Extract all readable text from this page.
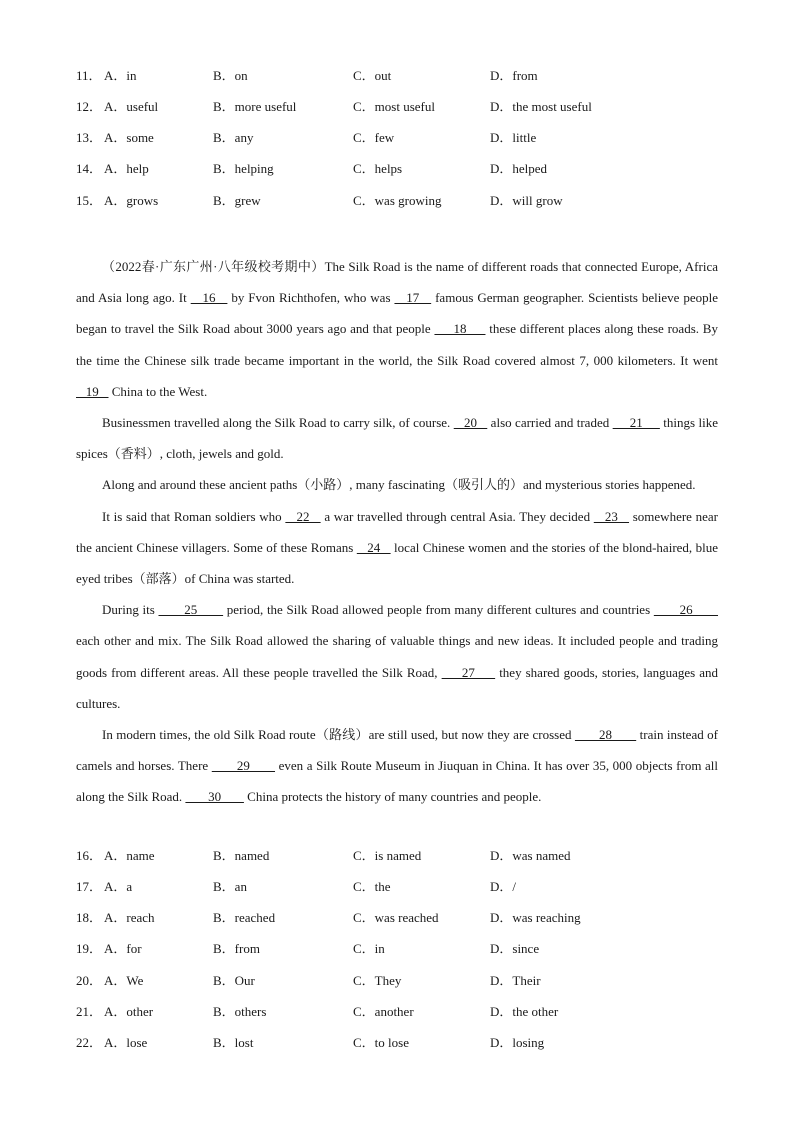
11． A．in	B．on	C．out	D．from
12． A．useful	B．more useful	C．most useful	D．the most useful
13． A．some	B．any	C．few	D．little
14． A．help	B．helping	C．helps	D．helped
15． A．grows	B．grew	C．was growing	D．will grow

（2022春·广东广州·八年级校考期中）The Silk Road is the name of different roads that connected Europe, Africa and Asia long ago. It    16    by Fvon Richthofen, who was    17    famous German geographer. Scientists believe people began to travel the Silk Road about 3000 years ago and that people      18      these different places along these roads. By the time the Chinese silk trade became important in the world, the Silk Road covered almost 7, 000 kilometers. It went    19    China to the West.

Businessmen travelled along the Silk Road to carry silk, of course.    20    also carried and traded      21      things like spices（香料）, cloth, jewels and gold.

Along and around these ancient paths（小路）, many fascinating（吸引人的）and mysterious stories happened.

It is said that Roman soldiers who    22    a war travelled through central Asia. They decided    23    somewhere near the ancient Chinese villagers. Some of these Romans    24    local Chinese women and the stories of the blond-haired, blue eyed tribes（部落）of China was started.

During its        25        period, the Silk Road allowed people from many different cultures and countries        26        each other and mix. The Silk Road allowed the sharing of valuable things and new ideas. It included people and trading goods from different areas. All these people travelled the Silk Road,      27      they shared goods, stories, languages and cultures.

In modern times, the old Silk Road route（路线）are still used, but now they are crossed        28        train instead of camels and horses. There        29        even a Silk Route Museum in Jiuquan in China. It has over 35, 000 objects from all along the Silk Road.        30        China protects the history of many countries and people.

16． A．name	B．named	C．is named	D．was named
17． A．a	B．an	C．the	D．/
18． A．reach	B．reached	C．was reached	D．was reaching
19． A．for	B．from	C．in	D．since
20． A．We	B．Our	C．They	D．Their
21． A．other	B．others	C．another	D．the other
22． A．lose	B．lost	C．to lose	D．losing
